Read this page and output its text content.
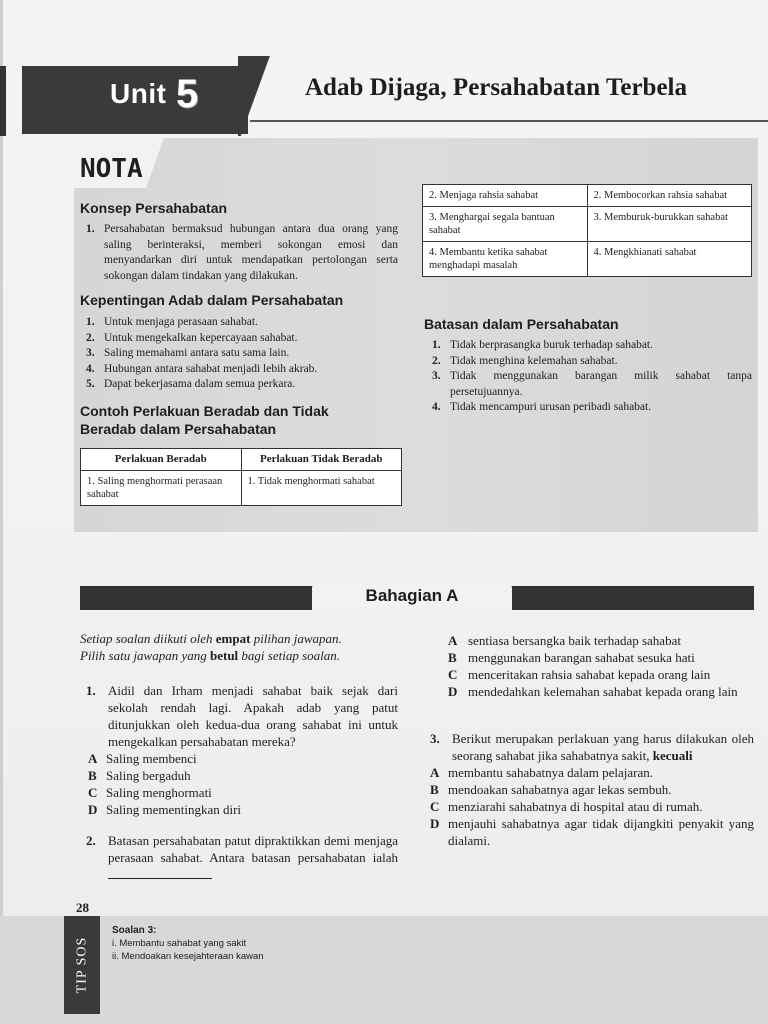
Unit 5	Adab Dijaga, Persahabatan Terbela
NOTA
Konsep Persahabatan
1. Persahabatan bermaksud hubungan antara dua orang yang saling berinteraksi, memberi sokongan emosi dan menyandarkan diri untuk mendapatkan pertolongan serta sokongan dalam tindakan yang dilakukan.
Kepentingan Adab dalam Persahabatan
1. Untuk menjaga perasaan sahabat.
2. Untuk mengekalkan kepercayaan sahabat.
3. Saling memahami antara satu sama lain.
4. Hubungan antara sahabat menjadi lebih akrab.
5. Dapat bekerjasama dalam semua perkara.
Contoh Perlakuan Beradab dan Tidak
Beradab dalam Persahabatan
Perlakuan Beradab	Perlakuan Tidak Beradab
1. Saling menghormati perasaan sahabat	1. Tidak menghormati sahabat
2. Menjaga rahsia sahabat	2. Membocorkan rahsia sahabat
3. Menghargai segala bantuan sahabat	3. Memburuk-burukkan sahabat
4. Membantu ketika sahabat menghadapi masalah	4. Mengkhianati sahabat
Batasan dalam Persahabatan
1. Tidak berprasangka buruk terhadap sahabat.
2. Tidak menghina kelemahan sahabat.
3. Tidak menggunakan barangan milik sahabat tanpa persetujuannya.
4. Tidak mencampuri urusan peribadi sahabat.
Bahagian A
Setiap soalan diikuti oleh empat pilihan jawapan.
Pilih satu jawapan yang betul bagi setiap soalan.
1. Aidil dan Irham menjadi sahabat baik sejak dari sekolah rendah lagi. Apakah adab yang patut ditunjukkan oleh kedua-dua orang sahabat ini untuk mengekalkan persahabatan mereka?
A Saling membenci
B Saling bergaduh
C Saling menghormati
D Saling mementingkan diri
2. Batasan persahabatan patut dipraktikkan demi menjaga perasaan sahabat. Antara batasan persahabatan ialah
A sentiasa bersangka baik terhadap sahabat
B menggunakan barangan sahabat sesuka hati
C menceritakan rahsia sahabat kepada orang lain
D mendedahkan kelemahan sahabat kepada orang lain
3. Berikut merupakan perlakuan yang harus dilakukan oleh seorang sahabat jika sahabatnya sakit, kecuali
A membantu sahabatnya dalam pelajaran.
B mendoakan sahabatnya agar lekas sembuh.
C menziarahi sahabatnya di hospital atau di rumah.
D menjauhi sahabatnya agar tidak dijangkiti penyakit yang dialami.
28
TIP SOS
Soalan 3:
i. Membantu sahabat yang sakit
ii. Mendoakan kesejahteraan kawan
